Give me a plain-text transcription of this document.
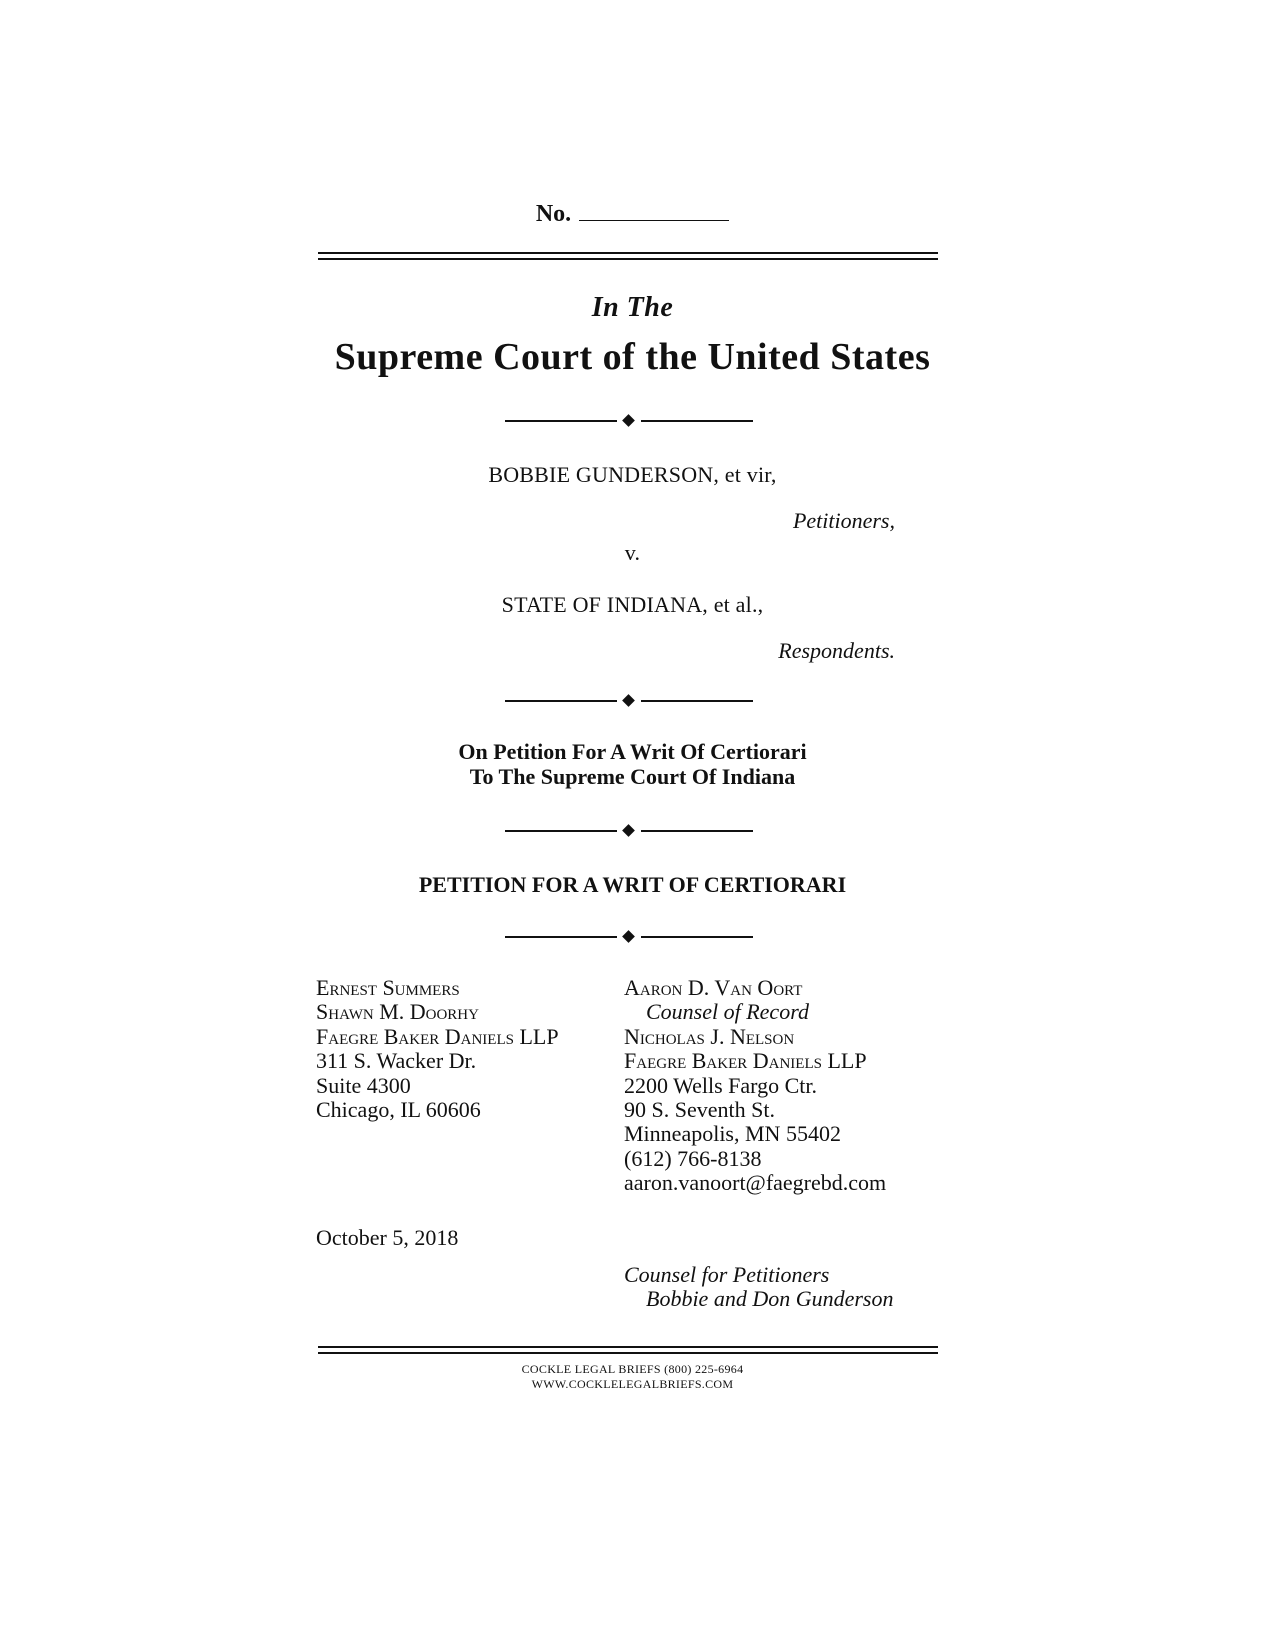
No.
In The
Supreme Court of the United States
BOBBIE GUNDERSON, et vir,
Petitioners,
v.
STATE OF INDIANA, et al.,
Respondents.
On Petition For A Writ Of Certiorari
To The Supreme Court Of Indiana
PETITION FOR A WRIT OF CERTIORARI
Ernest Summers
Shawn M. Doorhy
Faegre Baker Daniels LLP
311 S. Wacker Dr.
Suite 4300
Chicago, IL 60606
Aaron D. Van Oort
Counsel of Record
Nicholas J. Nelson
Faegre Baker Daniels LLP
2200 Wells Fargo Ctr.
90 S. Seventh St.
Minneapolis, MN 55402
(612) 766-8138
aaron.vanoort@faegrebd.com
October 5, 2018
Counsel for Petitioners
Bobbie and Don Gunderson
COCKLE LEGAL BRIEFS (800) 225-6964
WWW.COCKLELEGALBRIEFS.COM
